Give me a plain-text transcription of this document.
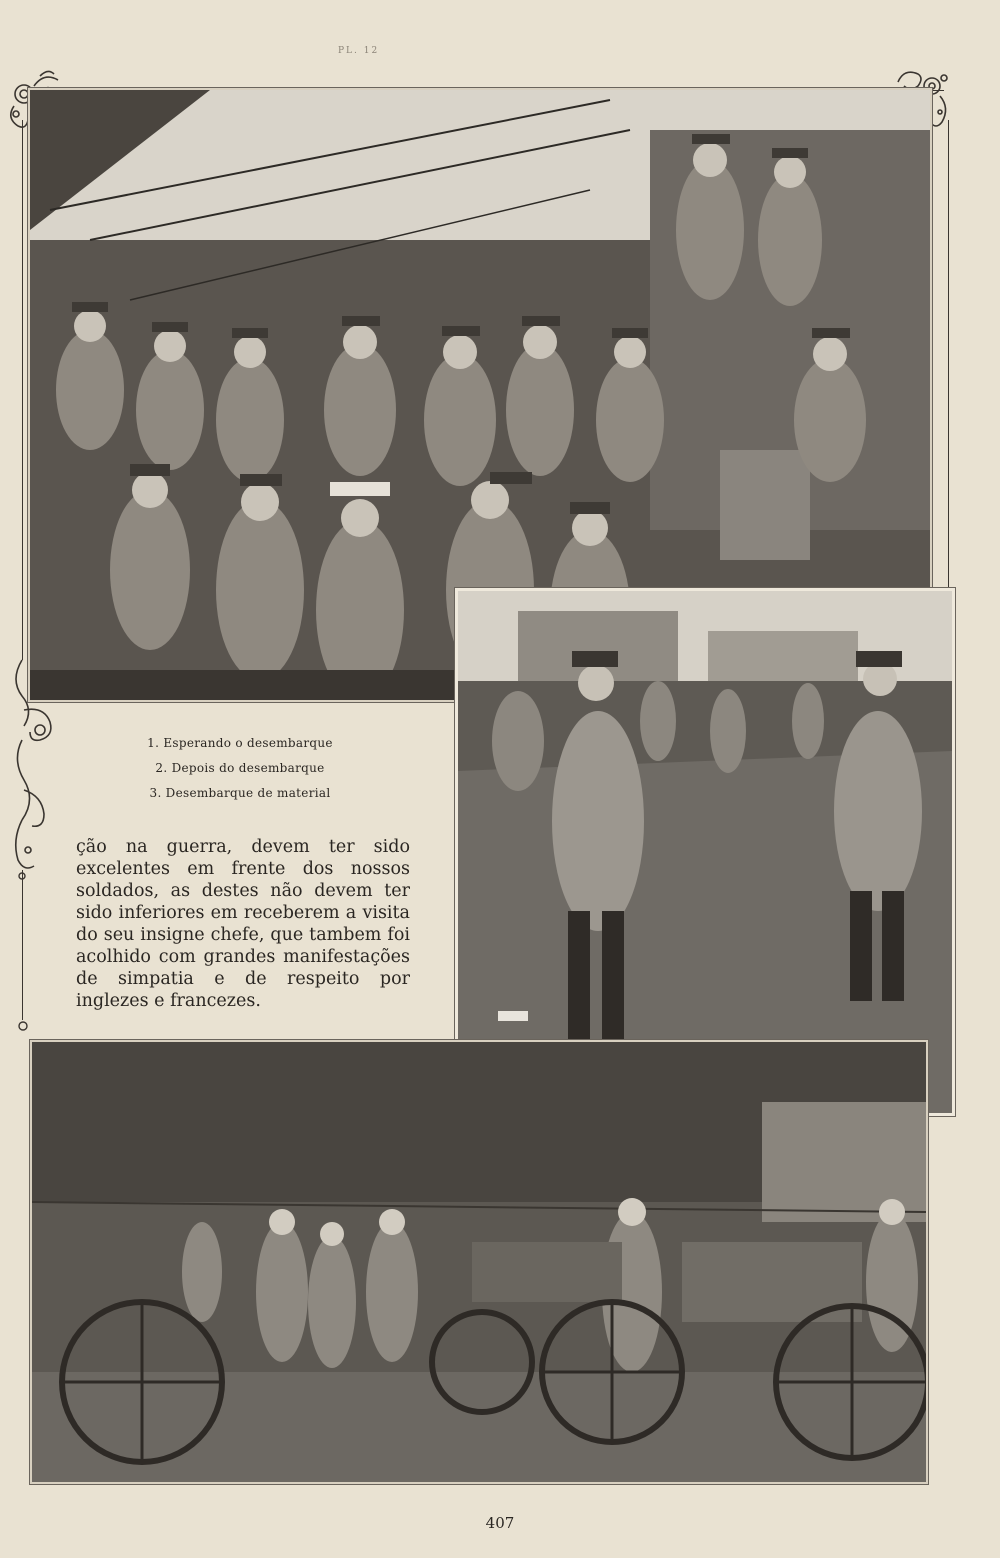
PL. 12
1. Esperando o desembarque
2. Depois do desembarque
3. Desembarque de material
ção na guerra, devem ter sido excelentes em frente dos nossos soldados, as destes não devem ter sido inferiores em receberem a visita do seu insigne chefe, que tambem foi acolhido com grandes manifestações de simpatia e de respeito por inglezes e francezes.
407
